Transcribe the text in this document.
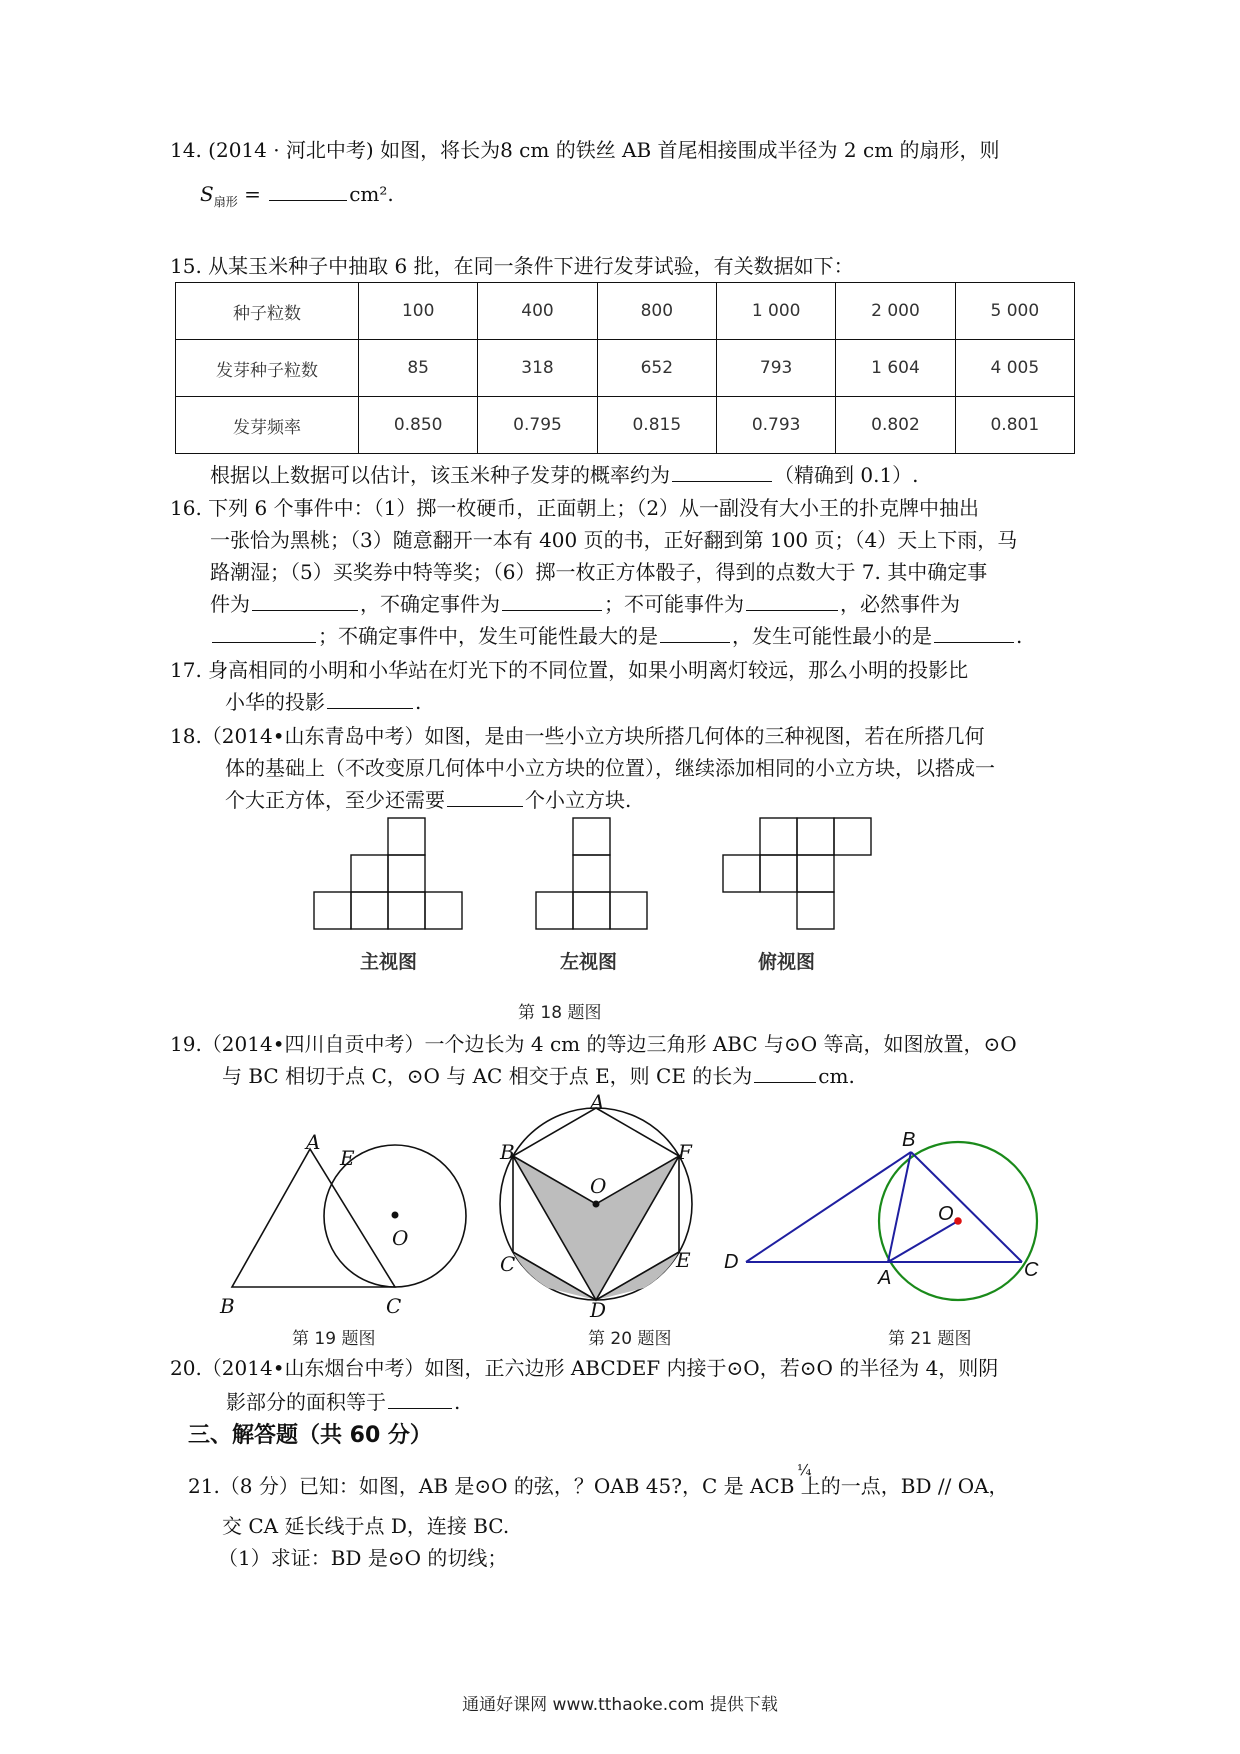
14. (2014 · 河北中考) 如图，将长为8 cm 的铁丝 AB 首尾相接围成半径为 2 cm 的扇形，则
$S_{扇形}$ =	cm².
15. 从某玉米种子中抽取 6 批，在同一条件下进行发芽试验，有关数据如下：
种子粒数	100	400	800	1 000	2 000	5 000
发芽种子粒数	85	318	652	793	1 604	4 005
发芽频率	0.850	0.795	0.815	0.793	0.802	0.801
根据以上数据可以估计，该玉米种子发芽的概率约为	（精确到 0.1）.
16. 下列 6 个事件中：（1）掷一枚硬币，正面朝上；（2）从一副没有大小王的扑克牌中抽出
一张恰为黑桃；（3）随意翻开一本有 400 页的书，正好翻到第 100 页；（4）天上下雨，马
路潮湿；（5）买奖券中特等奖；（6）掷一枚正方体骰子，得到的点数大于 7. 其中确定事
件为	，不确定事件为	；不可能事件为	，必然事件为
；不确定事件中，发生可能性最大的是	，发生可能性最小的是	.
17. 身高相同的小明和小华站在灯光下的不同位置，如果小明离灯较远，那么小明的投影比
小华的投影	.
18.（2014•山东青岛中考）如图，是由一些小立方块所搭几何体的三种视图，若在所搭几何
体的基础上（不改变原几何体中小立方块的位置），继续添加相同的小立方块，以搭成一
个大正方体，至少还需要	个小立方块.
主视图	左视图	俯视图
第 18 题图
19.（2014•四川自贡中考）一个边长为 4 cm 的等边三角形 ABC 与⊙O 等高，如图放置，⊙O
与 BC 相切于点 C，⊙O 与 AC 相交于点 E，则 CE 的长为	cm.
A
E
O
B	C
第 19 题图
A
B	F
O
C	E
D
第 20 题图
B
O
D
A	C
第 21 题图
20.（2014•山东烟台中考）如图，正六边形 ABCDEF 内接于⊙O，若⊙O 的半径为 4，则阴
影部分的面积等于	.
三、解答题（共 60 分）
21.（8 分）已知：如图，AB 是⊙O 的弦，？OAB 45?，C 是 ACB 上的一点，BD // OA，
¼
交 CA 延长线于点 D，连接 BC.
（1）求证：BD 是⊙O 的切线；
通通好课网 www.tthaoke.com 提供下载
